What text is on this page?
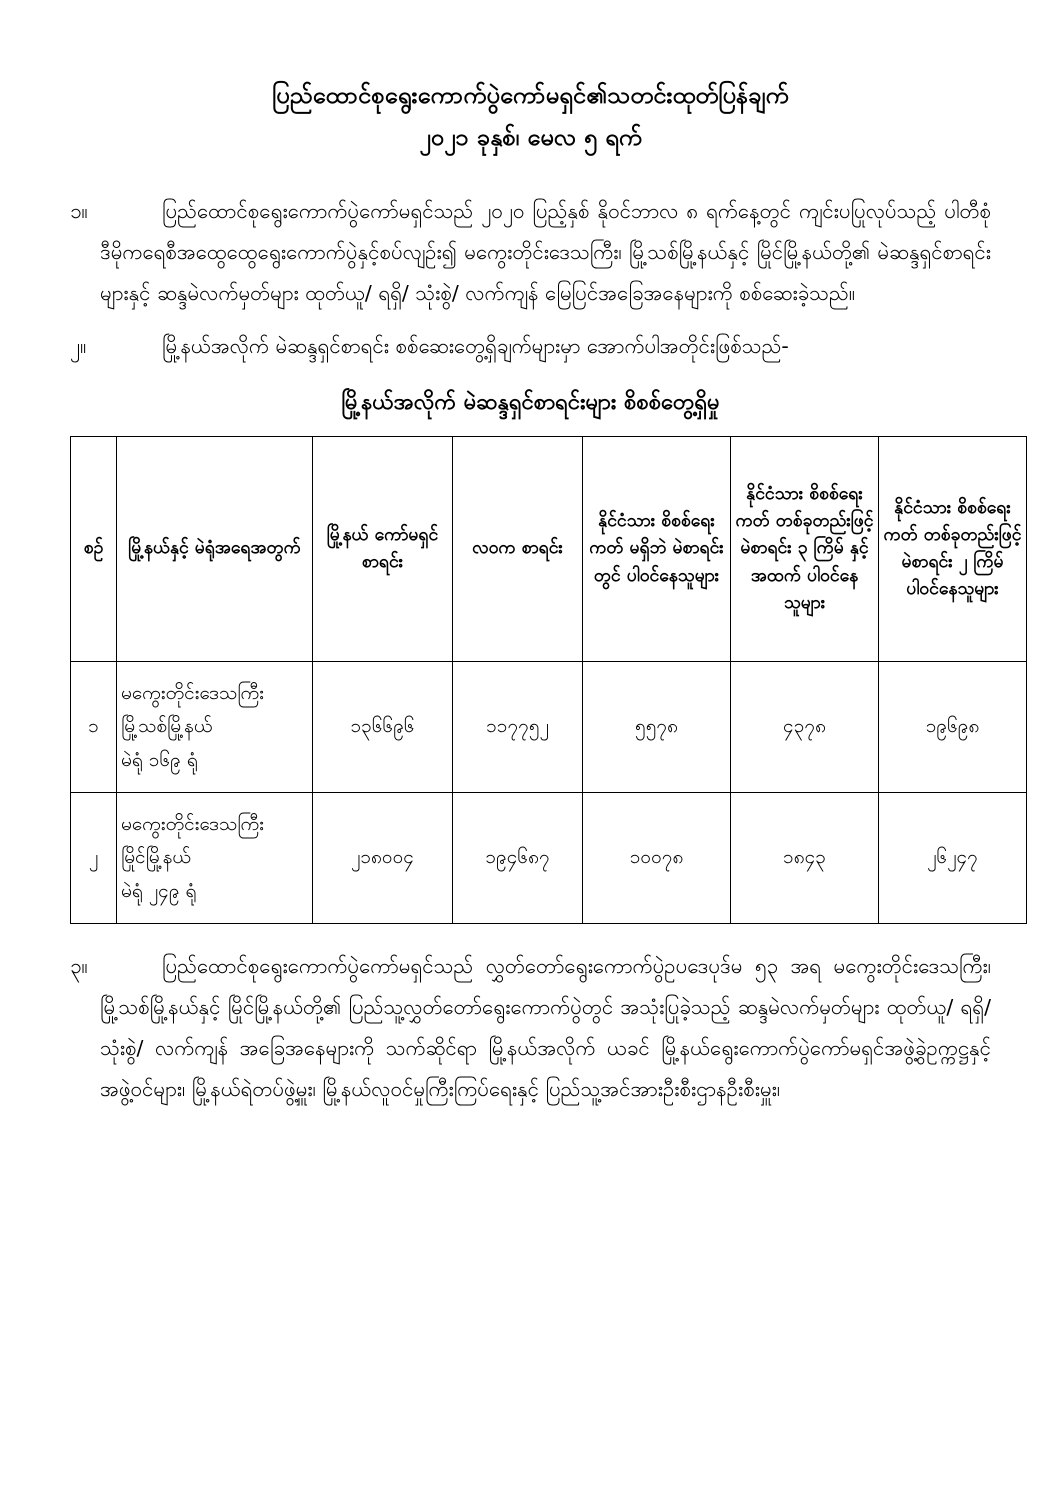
ပြည်ထောင်စုရွေးကောက်ပွဲကော်မရှင်၏သတင်းထုတ်ပြန်ချက်
၂၀၂၁ ခုနှစ်၊ မေလ ၅ ရက်
၁။	ပြည်ထောင်စုရွေးကောက်ပွဲကော်မရှင်သည် ၂၀၂၀ ပြည့်နှစ် နိုဝင်ဘာလ ၈ ရက်နေ့တွင် ကျင်းပပြုလုပ်သည့် ပါတီစုံဒီမိုကရေစီအထွေထွေရွေးကောက်ပွဲနှင့်စပ်လျဉ်း၍ မကွေးတိုင်းဒေသကြီး၊ မြို့သစ်မြို့နယ်နှင့် မြိုင်မြို့နယ်တို့၏ မဲဆန္ဒရှင်စာရင်းများနှင့် ဆန္ဒမဲလက်မှတ်များ ထုတ်ယူ/ ရရှိ/ သုံးစွဲ/ လက်ကျန် မြေပြင်အခြေအနေများကို စစ်ဆေးခဲ့သည်။
၂။	မြို့နယ်အလိုက် မဲဆန္ဒရှင်စာရင်း စစ်ဆေးတွေ့ရှိချက်များမှာ အောက်ပါအတိုင်းဖြစ်သည်-
မြို့နယ်အလိုက် မဲဆန္ဒရှင်စာရင်းများ စိစစ်တွေ့ရှိမှု
စဉ်	မြို့နယ်နှင့် မဲရုံအရေအတွက်	မြို့နယ် ကော်မရှင် စာရင်း	လဝက စာရင်း	နိုင်ငံသား စိစစ်ရေးကတ် မရှိဘဲ မဲစာရင်းတွင် ပါဝင်နေသူများ	နိုင်ငံသား စိစစ်ရေးကတ် တစ်ခုတည်းဖြင့် မဲစာရင်း ၃ ကြိမ် နှင့် အထက် ပါဝင်နေသူများ	နိုင်ငံသား စိစစ်ရေးကတ် တစ်ခုတည်းဖြင့် မဲစာရင်း ၂ ကြိမ် ပါဝင်နေသူများ
၁	မကွေးတိုင်းဒေသကြီး
မြို့သစ်မြို့နယ်
မဲရုံ ၁၆၉ ရုံ	၁၃၆၆၉၆	၁၁၇၇၅၂	၅၅၇၈	၄၃၇၈	၁၉၆၉၈
၂	မကွေးတိုင်းဒေသကြီး
မြိုင်မြို့နယ်
မဲရုံ ၂၄၉ ရုံ	၂၁၈၀၀၄	၁၉၄၆၈၇	၁၀၀၇၈	၁၈၄၃	၂၆၂၄၇
၃။	ပြည်ထောင်စုရွေးကောက်ပွဲကော်မရှင်သည် လွှတ်တော်ရွေးကောက်ပွဲဥပဒေပုဒ်မ ၅၃ အရ မကွေးတိုင်းဒေသကြီး၊ မြို့သစ်မြို့နယ်နှင့် မြိုင်မြို့နယ်တို့၏ ပြည်သူ့လွှတ်တော်ရွေးကောက်ပွဲတွင် အသုံးပြုခဲ့သည့် ဆန္ဒမဲလက်မှတ်များ ထုတ်ယူ/ ရရှိ/ သုံးစွဲ/ လက်ကျန် အခြေအနေများကို သက်ဆိုင်ရာ မြို့နယ်အလိုက် ယခင် မြို့နယ်ရွေးကောက်ပွဲကော်မရှင်အဖွဲ့ခွဲဥက္ကဋ္ဌနှင့် အဖွဲ့ဝင်များ၊ မြို့နယ်ရဲတပ်ဖွဲ့မှူး၊ မြို့နယ်လူဝင်မှုကြီးကြပ်ရေးနှင့် ပြည်သူ့အင်အားဦးစီးဌာနဦးစီးမှူး၊
